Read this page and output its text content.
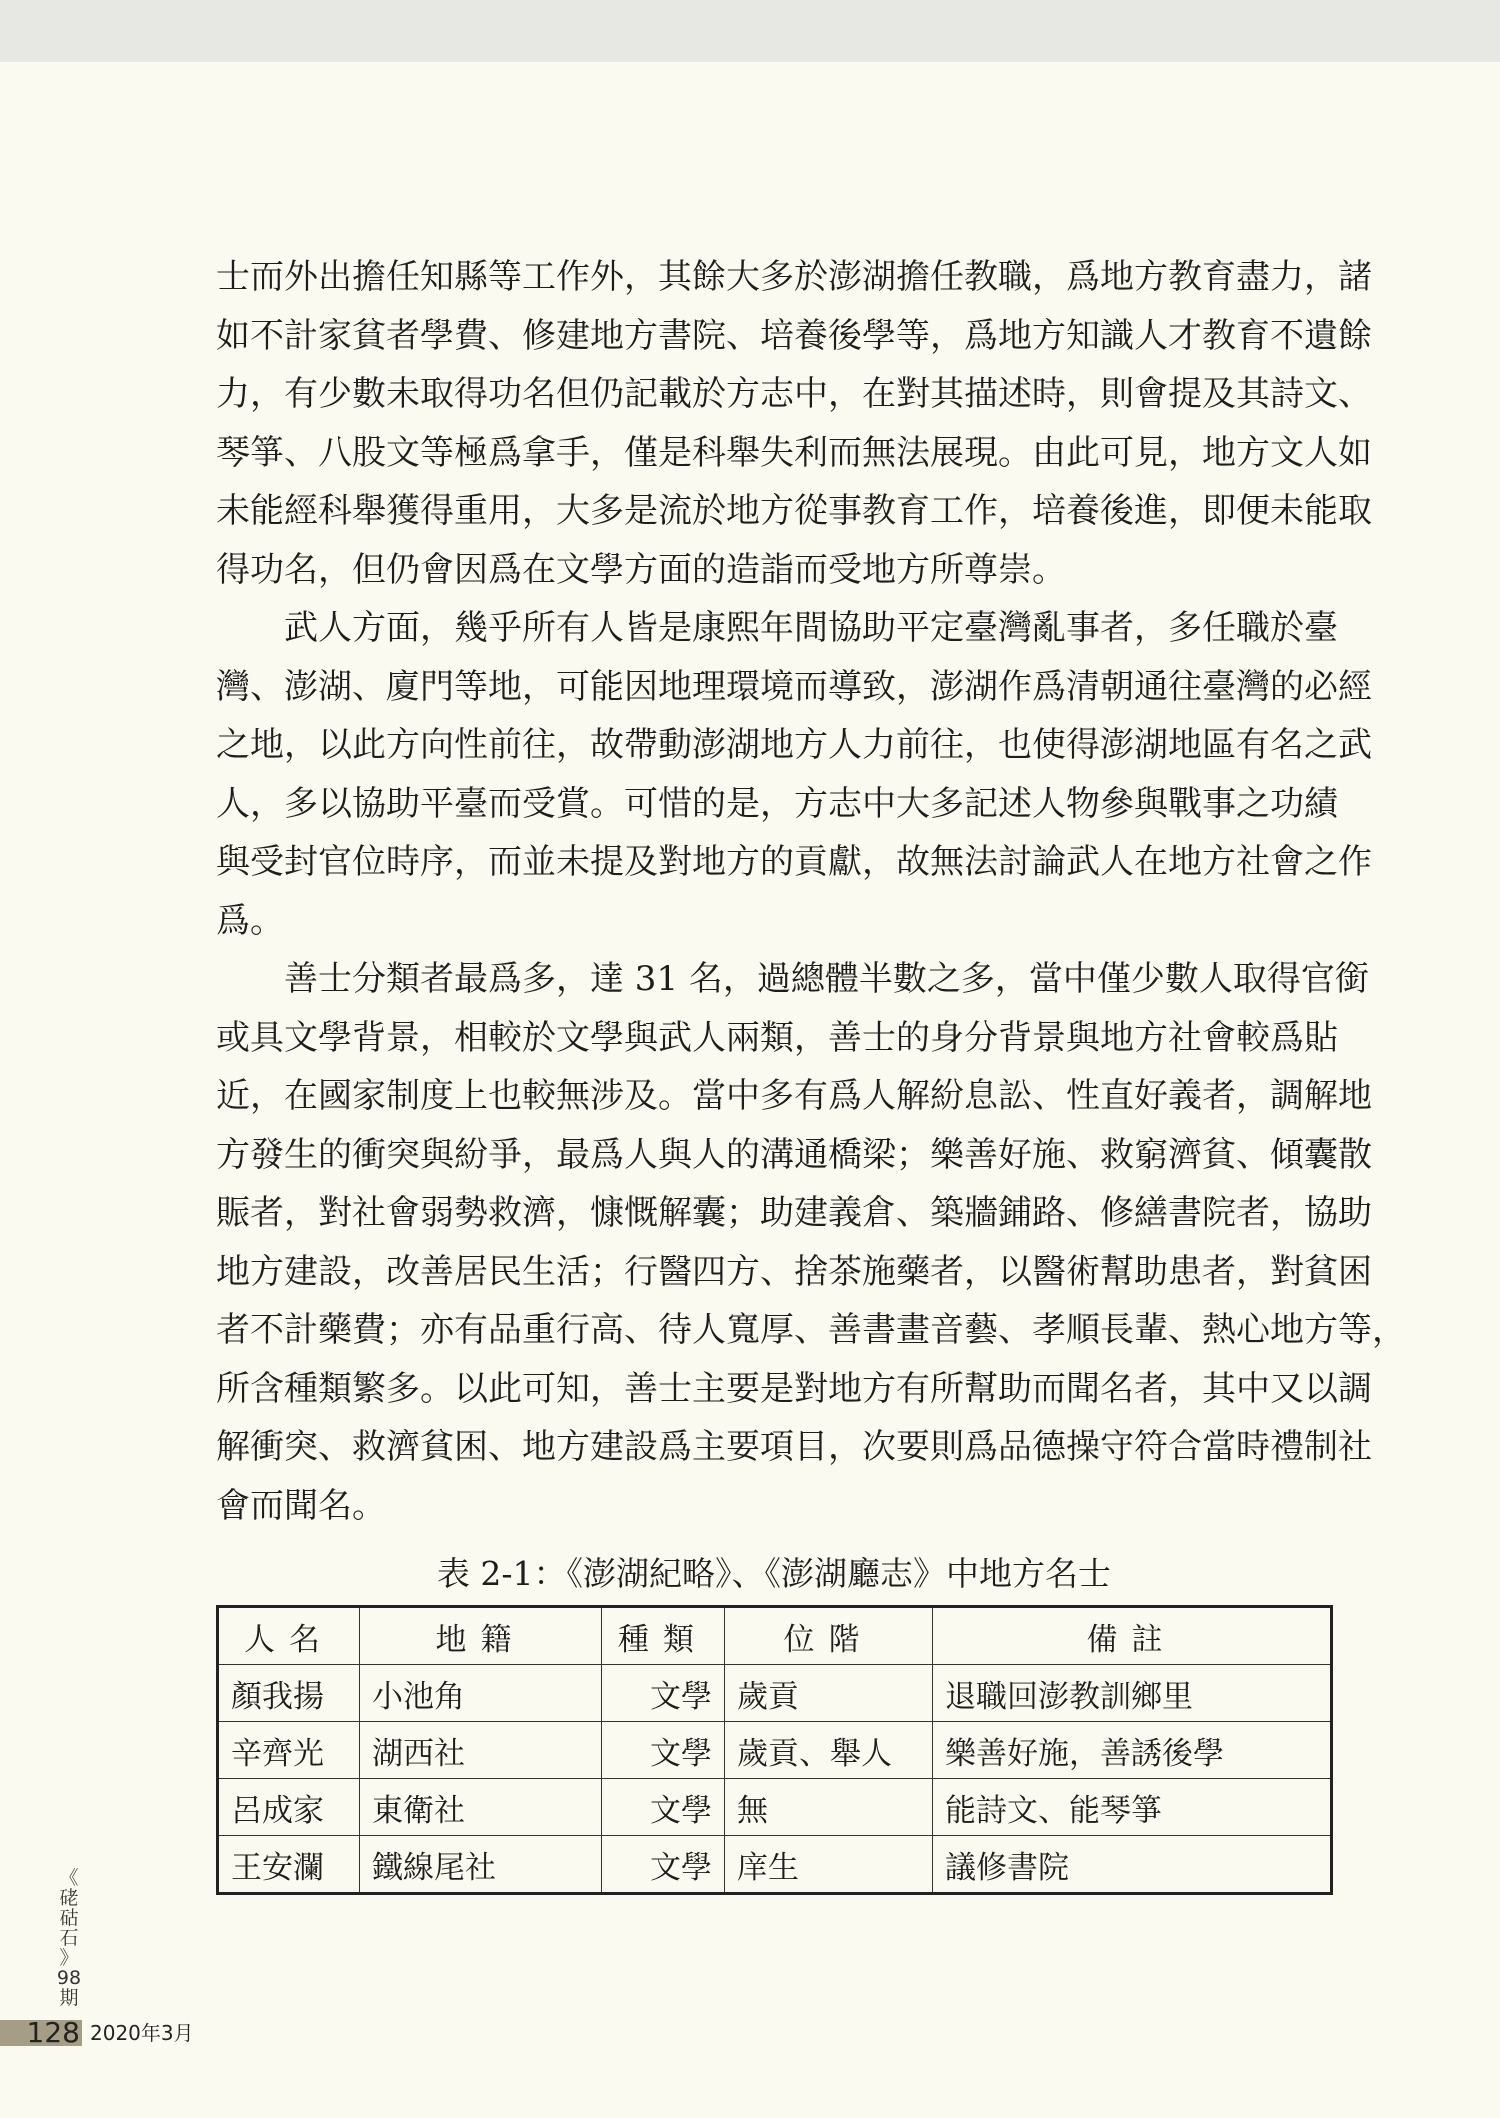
士而外出擔任知縣等工作外，其餘大多於澎湖擔任教職，爲地方教育盡力，諸
如不計家貧者學費、修建地方書院、培養後學等，爲地方知識人才教育不遺餘
力，有少數未取得功名但仍記載於方志中，在對其描述時，則會提及其詩文、
琴箏、八股文等極爲拿手，僅是科舉失利而無法展現。由此可見，地方文人如
未能經科舉獲得重用，大多是流於地方從事教育工作，培養後進，即便未能取
得功名，但仍會因爲在文學方面的造詣而受地方所尊崇。
武人方面，幾乎所有人皆是康熙年間協助平定臺灣亂事者，多任職於臺
灣、澎湖、廈門等地，可能因地理環境而導致，澎湖作爲清朝通往臺灣的必經
之地，以此方向性前往，故帶動澎湖地方人力前往，也使得澎湖地區有名之武
人，多以協助平臺而受賞。可惜的是，方志中大多記述人物參與戰事之功績
與受封官位時序，而並未提及對地方的貢獻，故無法討論武人在地方社會之作
爲。
善士分類者最爲多，達 31 名，過總體半數之多，當中僅少數人取得官銜
或具文學背景，相較於文學與武人兩類，善士的身分背景與地方社會較爲貼
近，在國家制度上也較無涉及。當中多有爲人解紛息訟、性直好義者，調解地
方發生的衝突與紛爭，最爲人與人的溝通橋梁；樂善好施、救窮濟貧、傾囊散
賑者，對社會弱勢救濟，慷慨解囊；助建義倉、築牆鋪路、修繕書院者，協助
地方建設，改善居民生活；行醫四方、捨茶施藥者，以醫術幫助患者，對貧困
者不計藥費；亦有品重行高、待人寬厚、善書畫音藝、孝順長輩、熱心地方等，
所含種類繁多。以此可知，善士主要是對地方有所幫助而聞名者，其中又以調
解衝突、救濟貧困、地方建設爲主要項目，次要則爲品德操守符合當時禮制社
會而聞名。
表 2-1：《澎湖紀略》、《澎湖廳志》中地方名士
人名	地籍	種類	位階	備註
顏我揚	小池角	文學	歲貢	退職回澎教訓鄉里
辛齊光	湖西社	文學	歲貢、舉人	樂善好施，善誘後學
呂成家	東衛社	文學	無	能詩文、能琴箏
王安瀾	鐵線尾社	文學	庠生	議修書院
《
硓
𥑮
石
》
98
期
128 2020年3月
